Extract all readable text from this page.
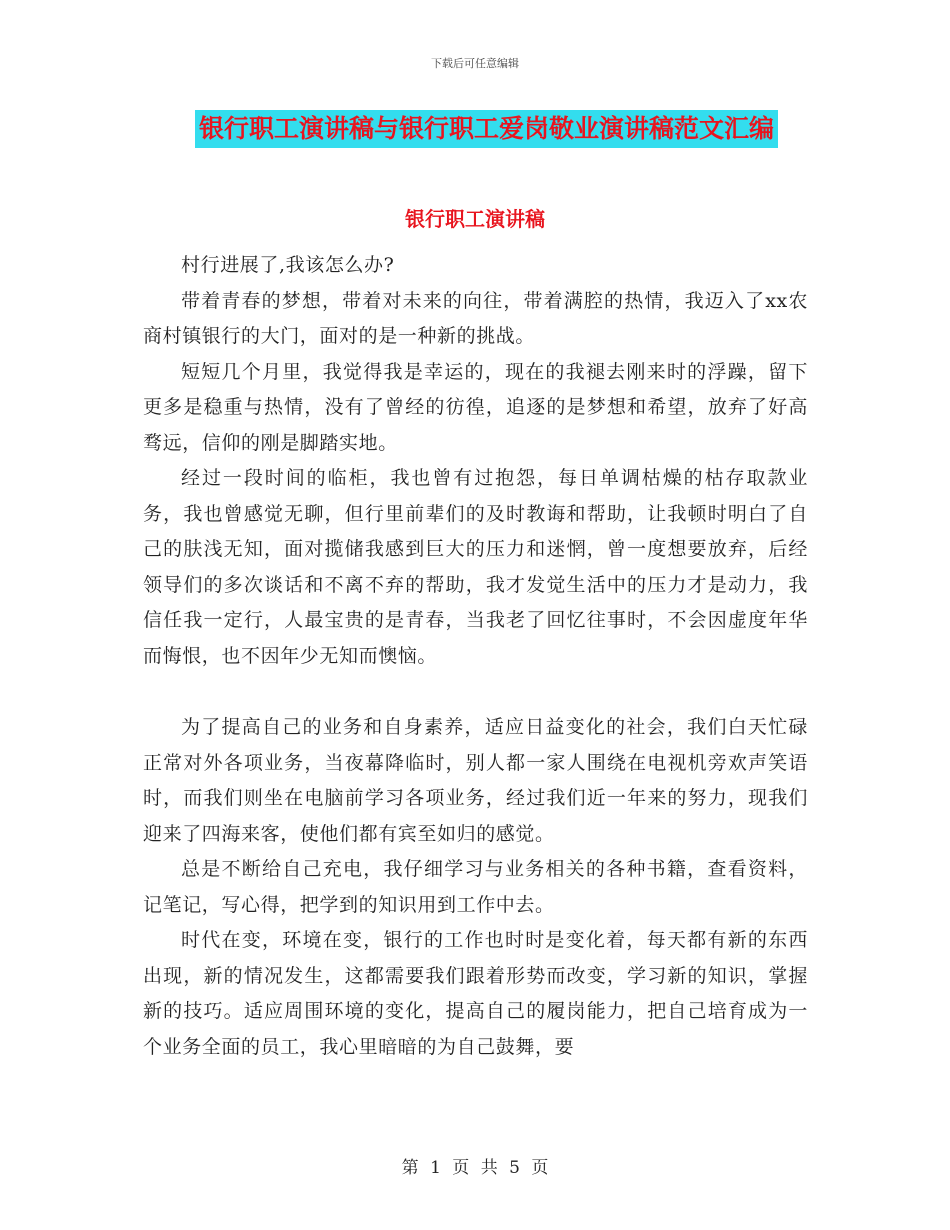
下载后可任意编辑
银行职工演讲稿与银行职工爱岗敬业演讲稿范文汇编
银行职工演讲稿

村行进展了,我该怎么办?

带着青春的梦想，带着对未来的向往，带着满腔的热情，我迈入了xx农商村镇银行的大门，面对的是一种新的挑战。

短短几个月里，我觉得我是幸运的，现在的我褪去刚来时的浮躁，留下更多是稳重与热情，没有了曾经的彷徨，追逐的是梦想和希望，放弃了好高骛远，信仰的刚是脚踏实地。

经过一段时间的临柜，我也曾有过抱怨，每日单调枯燥的枯存取款业务，我也曾感觉无聊，但行里前辈们的及时教诲和帮助，让我顿时明白了自己的肤浅无知，面对揽储我感到巨大的压力和迷惘，曾一度想要放弃，后经领导们的多次谈话和不离不弃的帮助，我才发觉生活中的压力才是动力，我信任我一定行，人最宝贵的是青春，当我老了回忆往事时，不会因虚度年华而悔恨，也不因年少无知而懊恼。

为了提高自己的业务和自身素养，适应日益变化的社会，我们白天忙碌正常对外各项业务，当夜幕降临时，别人都一家人围绕在电视机旁欢声笑语时，而我们则坐在电脑前学习各项业务，经过我们近一年来的努力，现我们迎来了四海来客，使他们都有宾至如归的感觉。

总是不断给自己充电，我仔细学习与业务相关的各种书籍，查看资料，记笔记，写心得，把学到的知识用到工作中去。

时代在变，环境在变，银行的工作也时时是变化着，每天都有新的东西出现，新的情况发生，这都需要我们跟着形势而改变，学习新的知识，掌握新的技巧。适应周围环境的变化，提高自己的履岗能力，把自己培育成为一个业务全面的员工，我心里暗暗的为自己鼓舞，要

第 1 页 共 5 页
